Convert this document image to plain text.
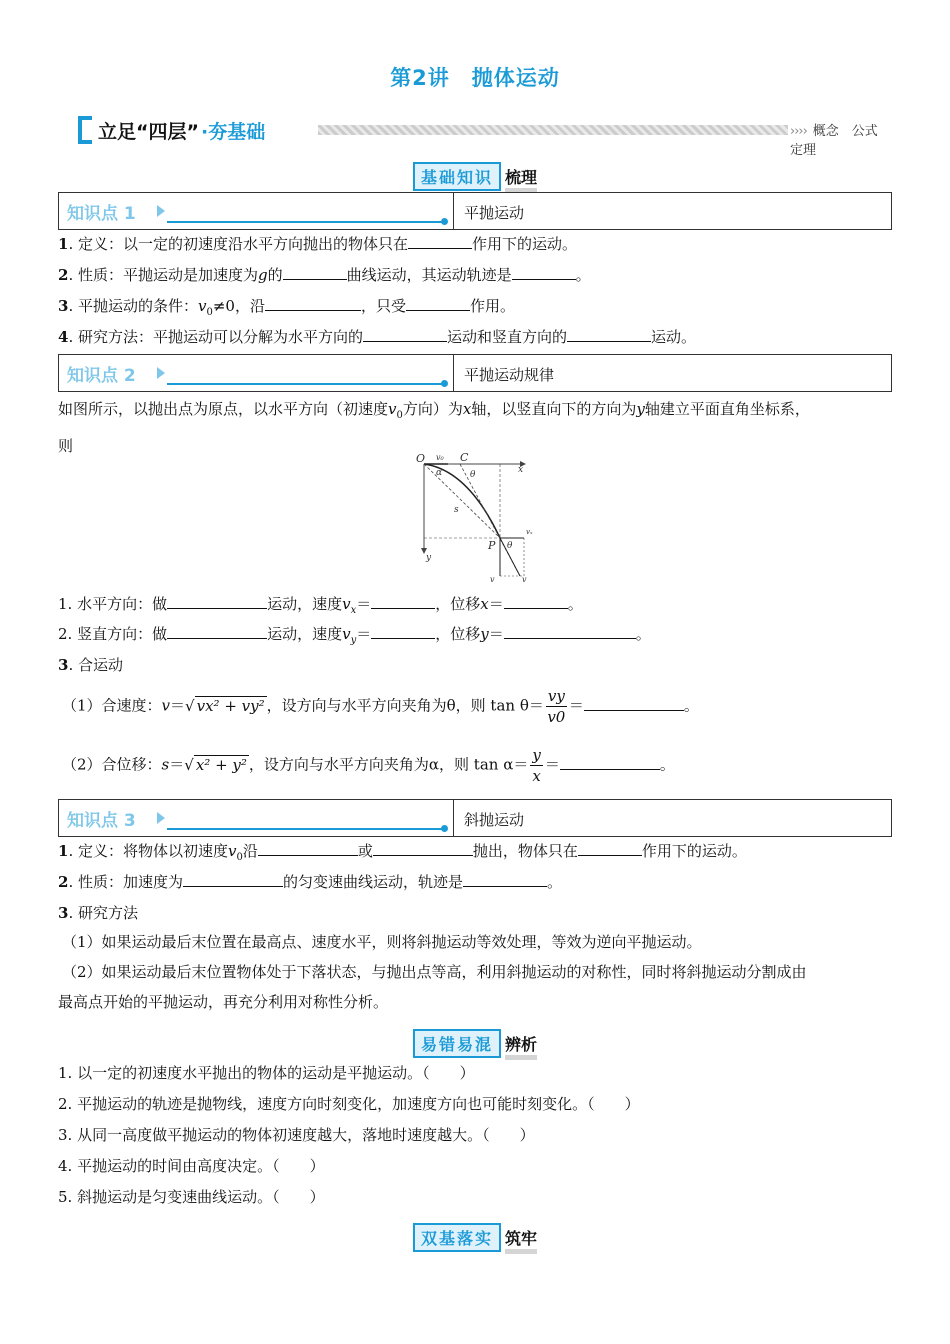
第2讲　抛体运动
立足“四层” ·夯基础	›››› 概念　公式　定理
基础知识 梳理
知识点 1	平抛运动
1. 定义：以一定的初速度沿水平方向抛出的物体只在	作用下的运动。
2. 性质：平抛运动是加速度为g的	曲线运动，其运动轨迹是	。
3. 平抛运动的条件：$v_0\ne 0$，沿	，只受	作用。
4. 研究方法：平抛运动可以分解为水平方向的	运动和竖直方向的	运动。
知识点 2	平抛运动规律
如图所示，以抛出点为原点，以水平方向（初速度$v_0$方向）为x轴，以竖直向下的方向为y轴建立平面直角坐标系，
则
O v₀ C
x
α	θ
s
P θ
vₓ
y
v	v
1. 水平方向：做	运动，速度$v_x=$	，位移x＝	。
2. 竖直方向：做	运动，速度$v_y=$	，位移y＝	。
3. 合运动
（1）合速度：v＝√ vx² + vy² ，设方向与水平方向夹角为θ，则 $\tan \theta= \frac{vy}{v0}$ ＝	。
（2）合位移：s＝√ x² + y² ，设方向与水平方向夹角为α，则 $\tan \alpha= \frac{y}{x}$ ＝	。
知识点 3	斜抛运动
1. 定义：将物体以初速度$v_0$沿	或	抛出，物体只在	作用下的运动。
2. 性质：加速度为	的匀变速曲线运动，轨迹是	。
3. 研究方法
（1）如果运动最后末位置在最高点、速度水平，则将斜抛运动等效处理，等效为逆向平抛运动。
（2）如果运动最后末位置物体处于下落状态，与抛出点等高，利用斜抛运动的对称性，同时将斜抛运动分割成由
最高点开始的平抛运动，再充分利用对称性分析。
易错易混 辨析
1. 以一定的初速度水平抛出的物体的运动是平抛运动。（　　）
2. 平抛运动的轨迹是抛物线，速度方向时刻变化，加速度方向也可能时刻变化。（　　）
3. 从同一高度做平抛运动的物体初速度越大，落地时速度越大。（　　）
4. 平抛运动的时间由高度决定。（　　）
5. 斜抛运动是匀变速曲线运动。（　　）
双基落实 筑牢
